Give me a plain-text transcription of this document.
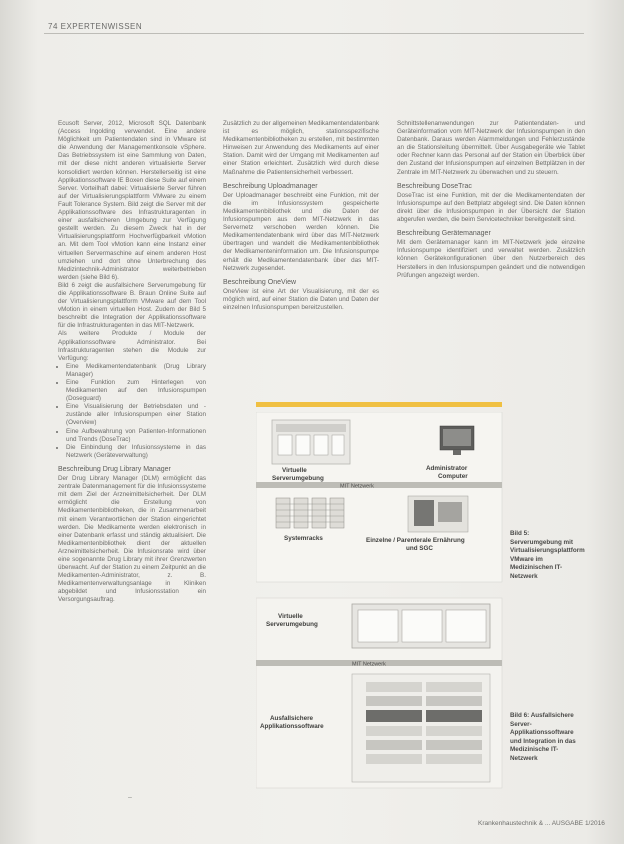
74 EXPERTENWISSEN

Ecusoft Server, 2012, Microsoft SQL Datenbank (Access Ingolding verwendet. Eine andere Möglichkeit um Patientendaten sind in VMware ist die Anwendung der Managementkonsole vSphere. Das Betriebssystem ist eine Sammlung von Daten, mit der diese nicht anderen virtualisierte Server konsolidiert werden können. Herstellerseitig ist eine Applikationssoftware IE Boxen diese Suite auf einem Server. Vorteilhaft dabei: Virtualisierte Server führen auf der Virtualisierungsplattform VMware zu einem Fault Tolerance System. Bild zeigt die Server mit der Applikationssoftware des Infrastrukturagenten in einer ausfallsicheren Umgebung zur Verfügung gestellt werden. Zu diesem Zweck hat in der Virtualisierungsplattform Hochverfügbarkeit vMotion an. Mit dem Tool vMotion kann eine Instanz einer virtuellen Servermaschine auf einem anderen Host umziehen und dort ohne Unterbrechung des Medizintechnik-Administrator weiterbetrieben werden (siehe Bild 6).

Bild 6 zeigt die ausfallsichere Serverumgebung für die Applikationssoftware B. Braun Online Suite auf der Virtualisierungsplattform VMware auf dem Tool vMotion in einem virtuellen Host. Zudem der Bild 5 beschreibt die Integration der Applikationssoftware für die Infrastrukturagenten in das MIT-Netzwerk.

Als weitere Produkte / Module der Applikationssoftware Administrator. Bei Infrastrukturagenten stehen die Module zur Verfügung:

• Eine Medikamentendatenbank (Drug Library Manager)
• Eine Funktion zum Hinterlegen von Medikamenten auf den Infusionspumpen (Doseguard)
• Eine Visualisierung der Betriebsdaten und -zustände aller Infusionspumpen einer Station (Overview)
• Eine Aufbewahrung von Patienten-Informationen und Trends (DoseTrac)
• Die Einbindung der Infusionssysteme in das Netzwerk (Geräteverwaltung)
Beschreibung Drug Library Manager

Der Drug Library Manager (DLM) ermöglicht das zentrale Datenmanagement für die Infusionssysteme mit dem Ziel der Arzneimittelsicherheit. Der DLM ermöglicht die Erstellung von Medikamentenbibliotheken, die in Zusammenarbeit mit einem Verantwortlichen der Station eingerichtet werden. Die Medikamente werden elektronisch in einer Datenbank erfasst und ständig aktualisiert. Die Medikamentenbibliothek dient der aktuellen Arzneimittelsicherheit. Die Infusionsrate wird über eine sogenannte Drug Library mit ihrer Grenzwerten überwacht. Auf der Station zu einem Zeitpunkt an die Medikamenten-Administrator, z. B. Medikamentenverwaltungsanlage in Kliniken abgebildet und Infusionsstation ein Versorgungsauftrag.

Zusätzlich zu der allgemeinen Medikamentendatenbank ist es möglich, stationsspezifische Medikamentenbibliotheken zu erstellen, mit bestimmten Hinweisen zur Anwendung des Medikaments auf einer Station. Damit wird der Umgang mit Medikamenten auf einer Station erleichtert. Zusätzlich wird durch diese Maßnahme die Patientensicherheit verbessert.

Beschreibung Uploadmanager

Der Uploadmanager beschreibt eine Funktion, mit der die im Infusionssystem gespeicherte Medikamentenbibliothek und die Daten der Infusionspumpen aus dem MIT-Netzwerk in das Servernetz verschoben werden können. Die Medikamentendatenbank wird über das MIT-Netzwerk übertragen und wandelt die Medikamentenbibliothek der Medikamenteninformation um. Die Infusionspumpe erhält die Medikamentendatenbank über das MIT-Netzwerk zugesendet.

Beschreibung OneView

OneView ist eine Art der Visualisierung, mit der es möglich wird, auf einer Station die Daten und Daten der einzelnen Infusionspumpen bereitzustellen.

Schnittstellenanwendungen zur Patientendaten- und Geräteinformation vom MIT-Netzwerk der Infusionspumpen in den Datenbank. Daraus werden Alarmmeldungen und Fehlerzustände an die Stationsleitung übermittelt. Über Ausgabegeräte wie Tablet oder Rechner kann das Personal auf der Station ein Überblick über den Zustand der Infusionspumpen auf einzelnen Bettplätzen in der Zentrale im MIT-Netzwerk zu überwachen und zu steuern.

Beschreibung DoseTrac

DoseTrac ist eine Funktion, mit der die Medikamentendaten der Infusionspumpe auf den Bettplatz abgelegt sind. Die Daten können direkt über die Infusionspumpen in der Übersicht der Station abgerufen werden, die beim Servicetechniker bereitgestellt sind.

Beschreibung Gerätemanager

Mit dem Gerätemanager kann im MIT-Netzwerk jede einzelne Infusionspumpe identifiziert und verwaltet werden. Zusätzlich können Gerätekonfigurationen über den Nutzerbereich des Herstellers in den Infusionspumpen geändert und die notwendigen Prüfungen angezeigt werden.

Virtuelle Serverumgebung
Administrator Computer
MIT Netzwerk
Systemracks	Einzelne / Parenterale Ernährung und SGC
Virtuelle Serverumgebung
MIT Netzwerk
Ausfallsichere Applikationssoftware
Bild 5: Serverumgebung mit Virtualisierungsplattform VMware im Medizinischen IT-Netzwerk
Bild 6: Ausfallsichere Server-Applikationssoftware und Integration in das Medizinische IT-Netzwerk
–
Krankenhaustechnik & ... AUSGABE 1/2016
